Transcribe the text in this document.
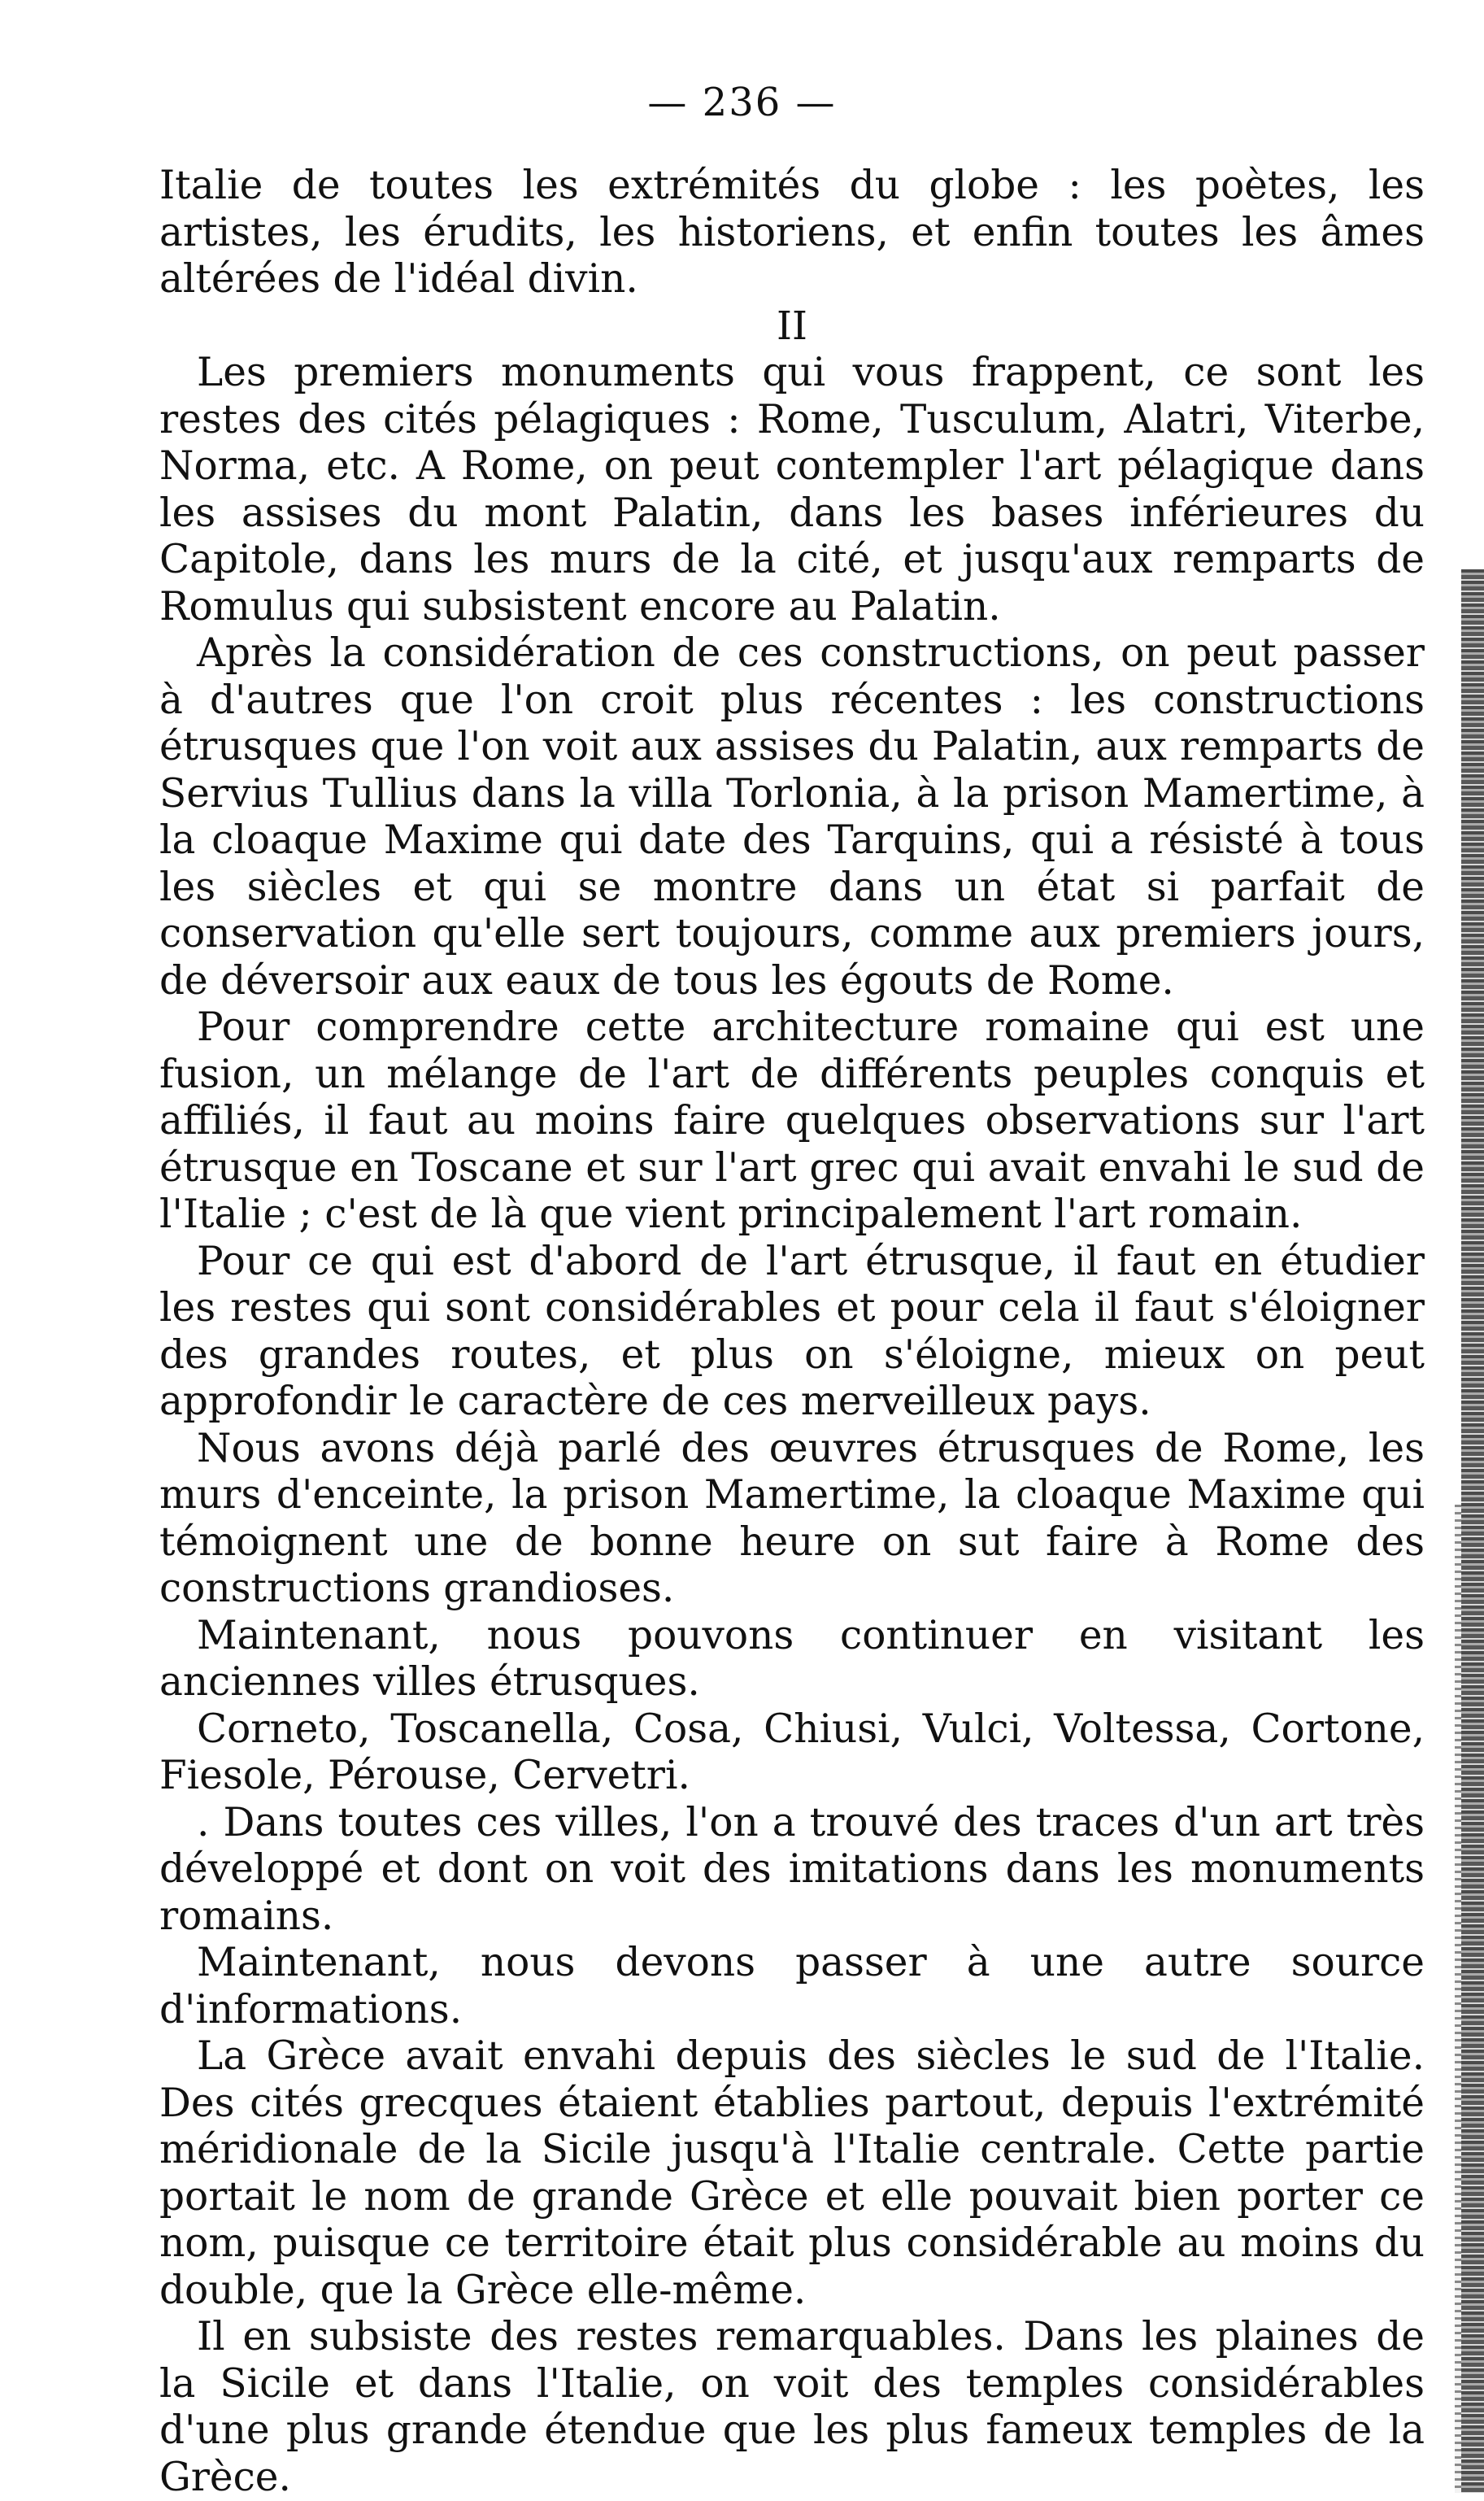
— 236 —

Italie de toutes les extrémités du globe : les poètes, les artistes, les érudits, les historiens, et enfin toutes les âmes altérées de l'idéal divin.

II

Les premiers monuments qui vous frappent, ce sont les restes des cités pélagiques : Rome, Tusculum, Alatri, Viterbe, Norma, etc. A Rome, on peut contempler l'art pélagique dans les assises du mont Palatin, dans les bases inférieures du Capitole, dans les murs de la cité, et jusqu'aux remparts de Romulus qui subsistent encore au Palatin.

Après la considération de ces constructions, on peut passer à d'autres que l'on croit plus récentes : les constructions étrusques que l'on voit aux assises du Palatin, aux remparts de Servius Tullius dans la villa Torlonia, à la prison Mamertime, à la cloaque Maxime qui date des Tarquins, qui a résisté à tous les siècles et qui se montre dans un état si parfait de conservation qu'elle sert toujours, comme aux premiers jours, de déversoir aux eaux de tous les égouts de Rome.

Pour comprendre cette architecture romaine qui est une fusion, un mélange de l'art de différents peuples conquis et affiliés, il faut au moins faire quelques observations sur l'art étrusque en Toscane et sur l'art grec qui avait envahi le sud de l'Italie ; c'est de là que vient principalement l'art romain.

Pour ce qui est d'abord de l'art étrusque, il faut en étudier les restes qui sont considérables et pour cela il faut s'éloigner des grandes routes, et plus on s'éloigne, mieux on peut approfondir le caractère de ces merveilleux pays.

Nous avons déjà parlé des œuvres étrusques de Rome, les murs d'enceinte, la prison Mamertime, la cloaque Maxime qui témoignent une de bonne heure on sut faire à Rome des constructions grandioses.

Maintenant, nous pouvons continuer en visitant les anciennes villes étrusques.

Corneto, Toscanella, Cosa, Chiusi, Vulci, Voltessa, Cortone, Fiesole, Pérouse, Cervetri.

. Dans toutes ces villes, l'on a trouvé des traces d'un art très développé et dont on voit des imitations dans les monuments romains.

Maintenant, nous devons passer à une autre source d'informations.

La Grèce avait envahi depuis des siècles le sud de l'Italie. Des cités grecques étaient établies partout, depuis l'extrémité méridionale de la Sicile jusqu'à l'Italie centrale. Cette partie portait le nom de grande Grèce et elle pouvait bien porter ce nom, puisque ce territoire était plus considérable au moins du double, que la Grèce elle-même.

Il en subsiste des restes remarquables. Dans les plaines de la Sicile et dans l'Italie, on voit des temples considérables d'une plus grande étendue que les plus fameux temples de la Grèce.
